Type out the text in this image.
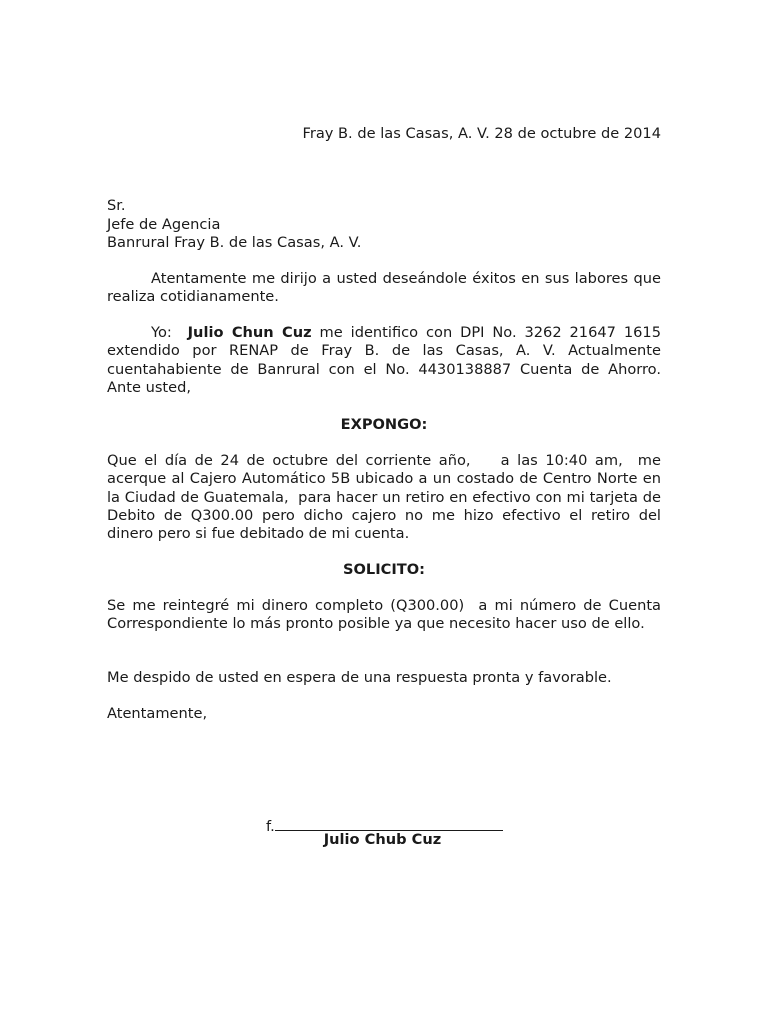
Fray B. de las Casas, A. V. 28 de octubre de 2014
Sr.
Jefe de Agencia
Banrural Fray B. de las Casas, A. V.

Atentamente me dirijo a usted deseándole éxitos en sus labores que realiza cotidianamente.

Yo:  Julio Chun Cuz me identifico con DPI No. 3262 21647 1615 extendido por RENAP de Fray B. de las Casas, A. V. Actualmente cuentahabiente de Banrural con el No. 4430138887 Cuenta de Ahorro. Ante usted,

EXPONGO:

Que el día de 24 de octubre del corriente año,    a las 10:40 am,  me acerque al Cajero Automático 5B ubicado a un costado de Centro Norte en la Ciudad de Guatemala,  para hacer un retiro en efectivo con mi tarjeta de Debito de Q300.00 pero dicho cajero no me hizo efectivo el retiro del dinero pero si fue debitado de mi cuenta.

SOLICITO:

Se me reintegré mi dinero completo (Q300.00)  a mi número de Cuenta Correspondiente lo más pronto posible ya que necesito hacer uso de ello.

Me despido de usted en espera de una respuesta pronta y favorable.

Atentamente,

f.
Julio Chub Cuz
